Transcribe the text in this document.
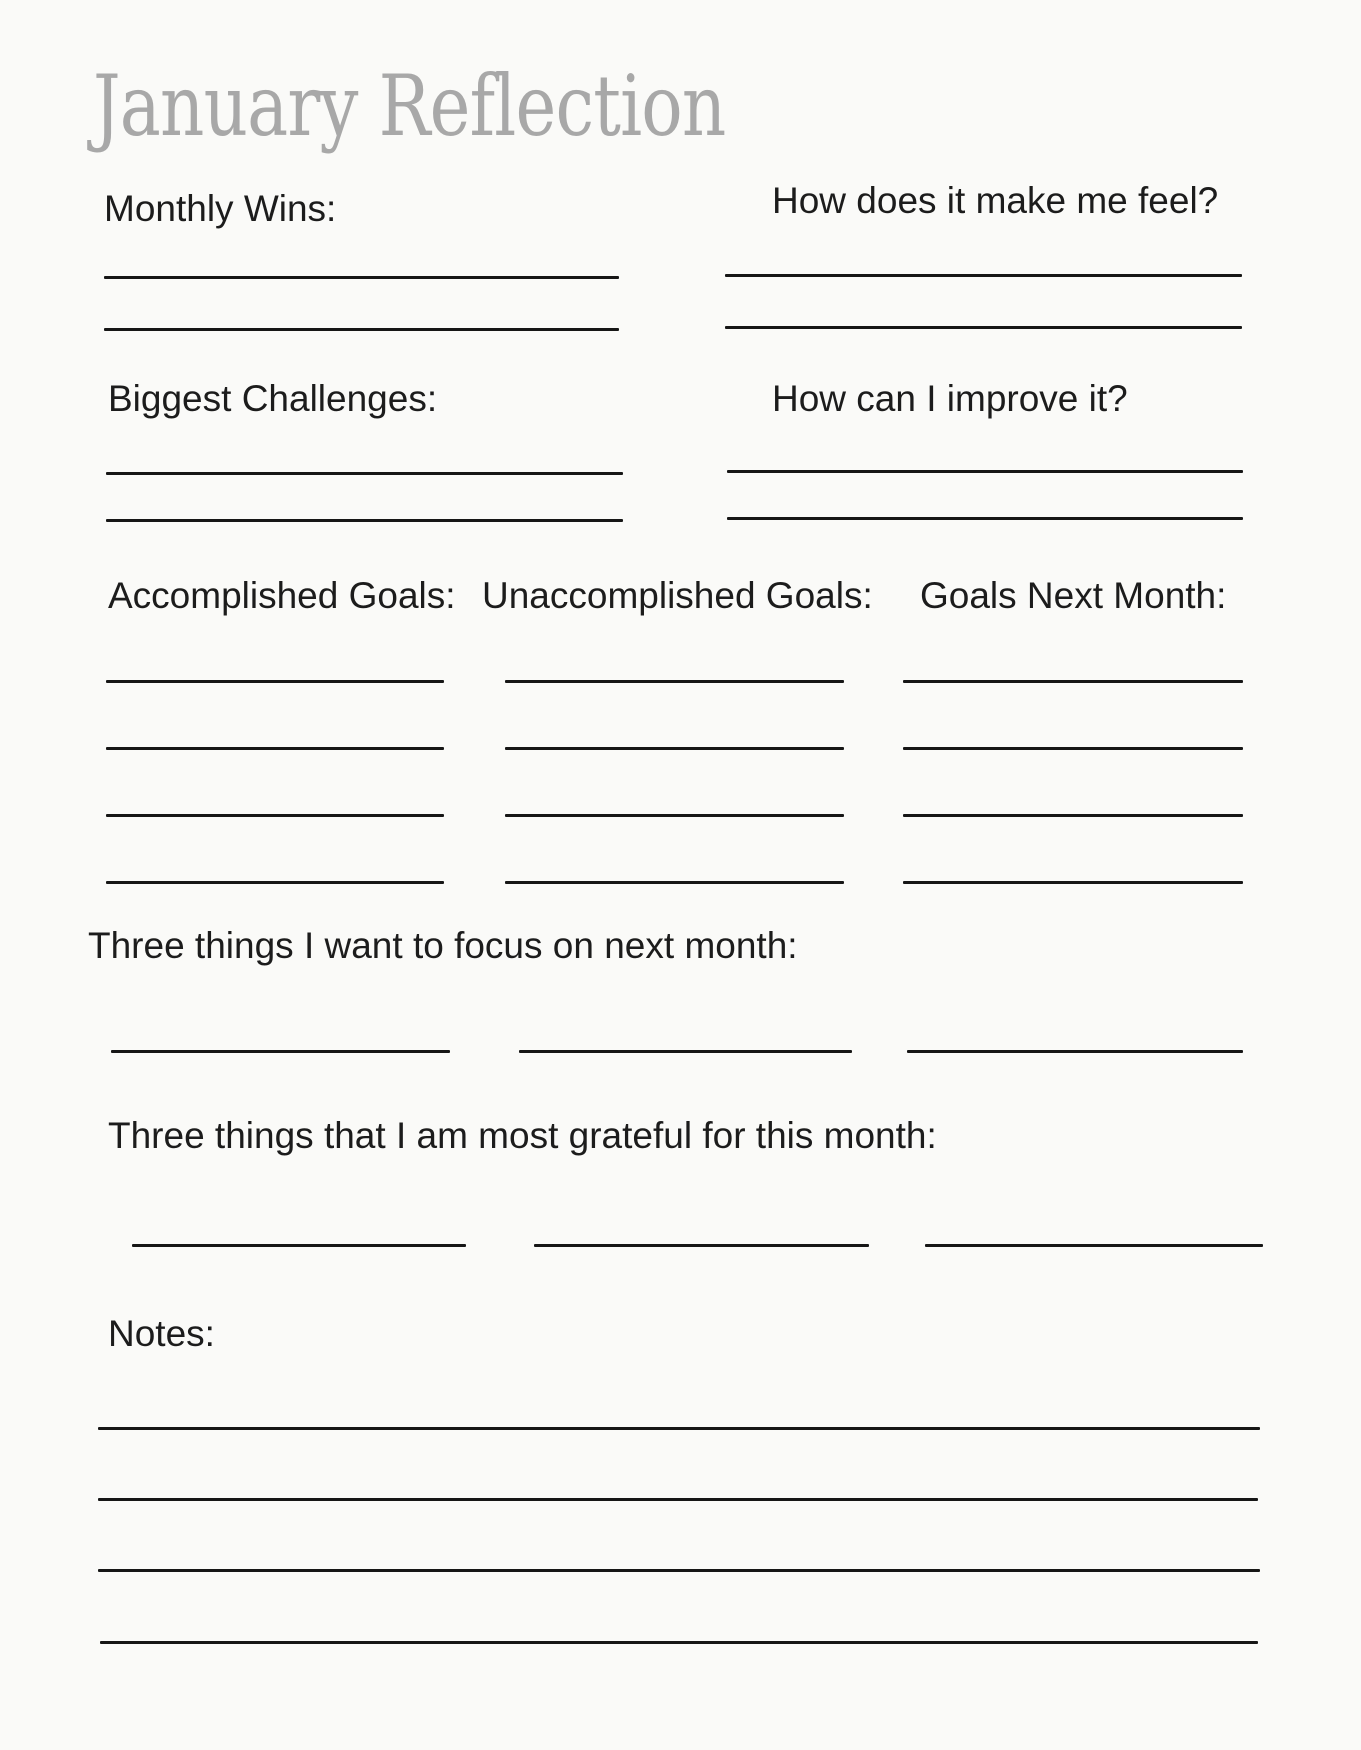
January Reflection
Monthly Wins:	How does it make me feel?
Biggest Challenges:	How can I improve it?
Accomplished Goals: Unaccomplished Goals: Goals Next Month:
Three things I want to focus on next month:
Three things that I am most grateful for this month:
Notes:
